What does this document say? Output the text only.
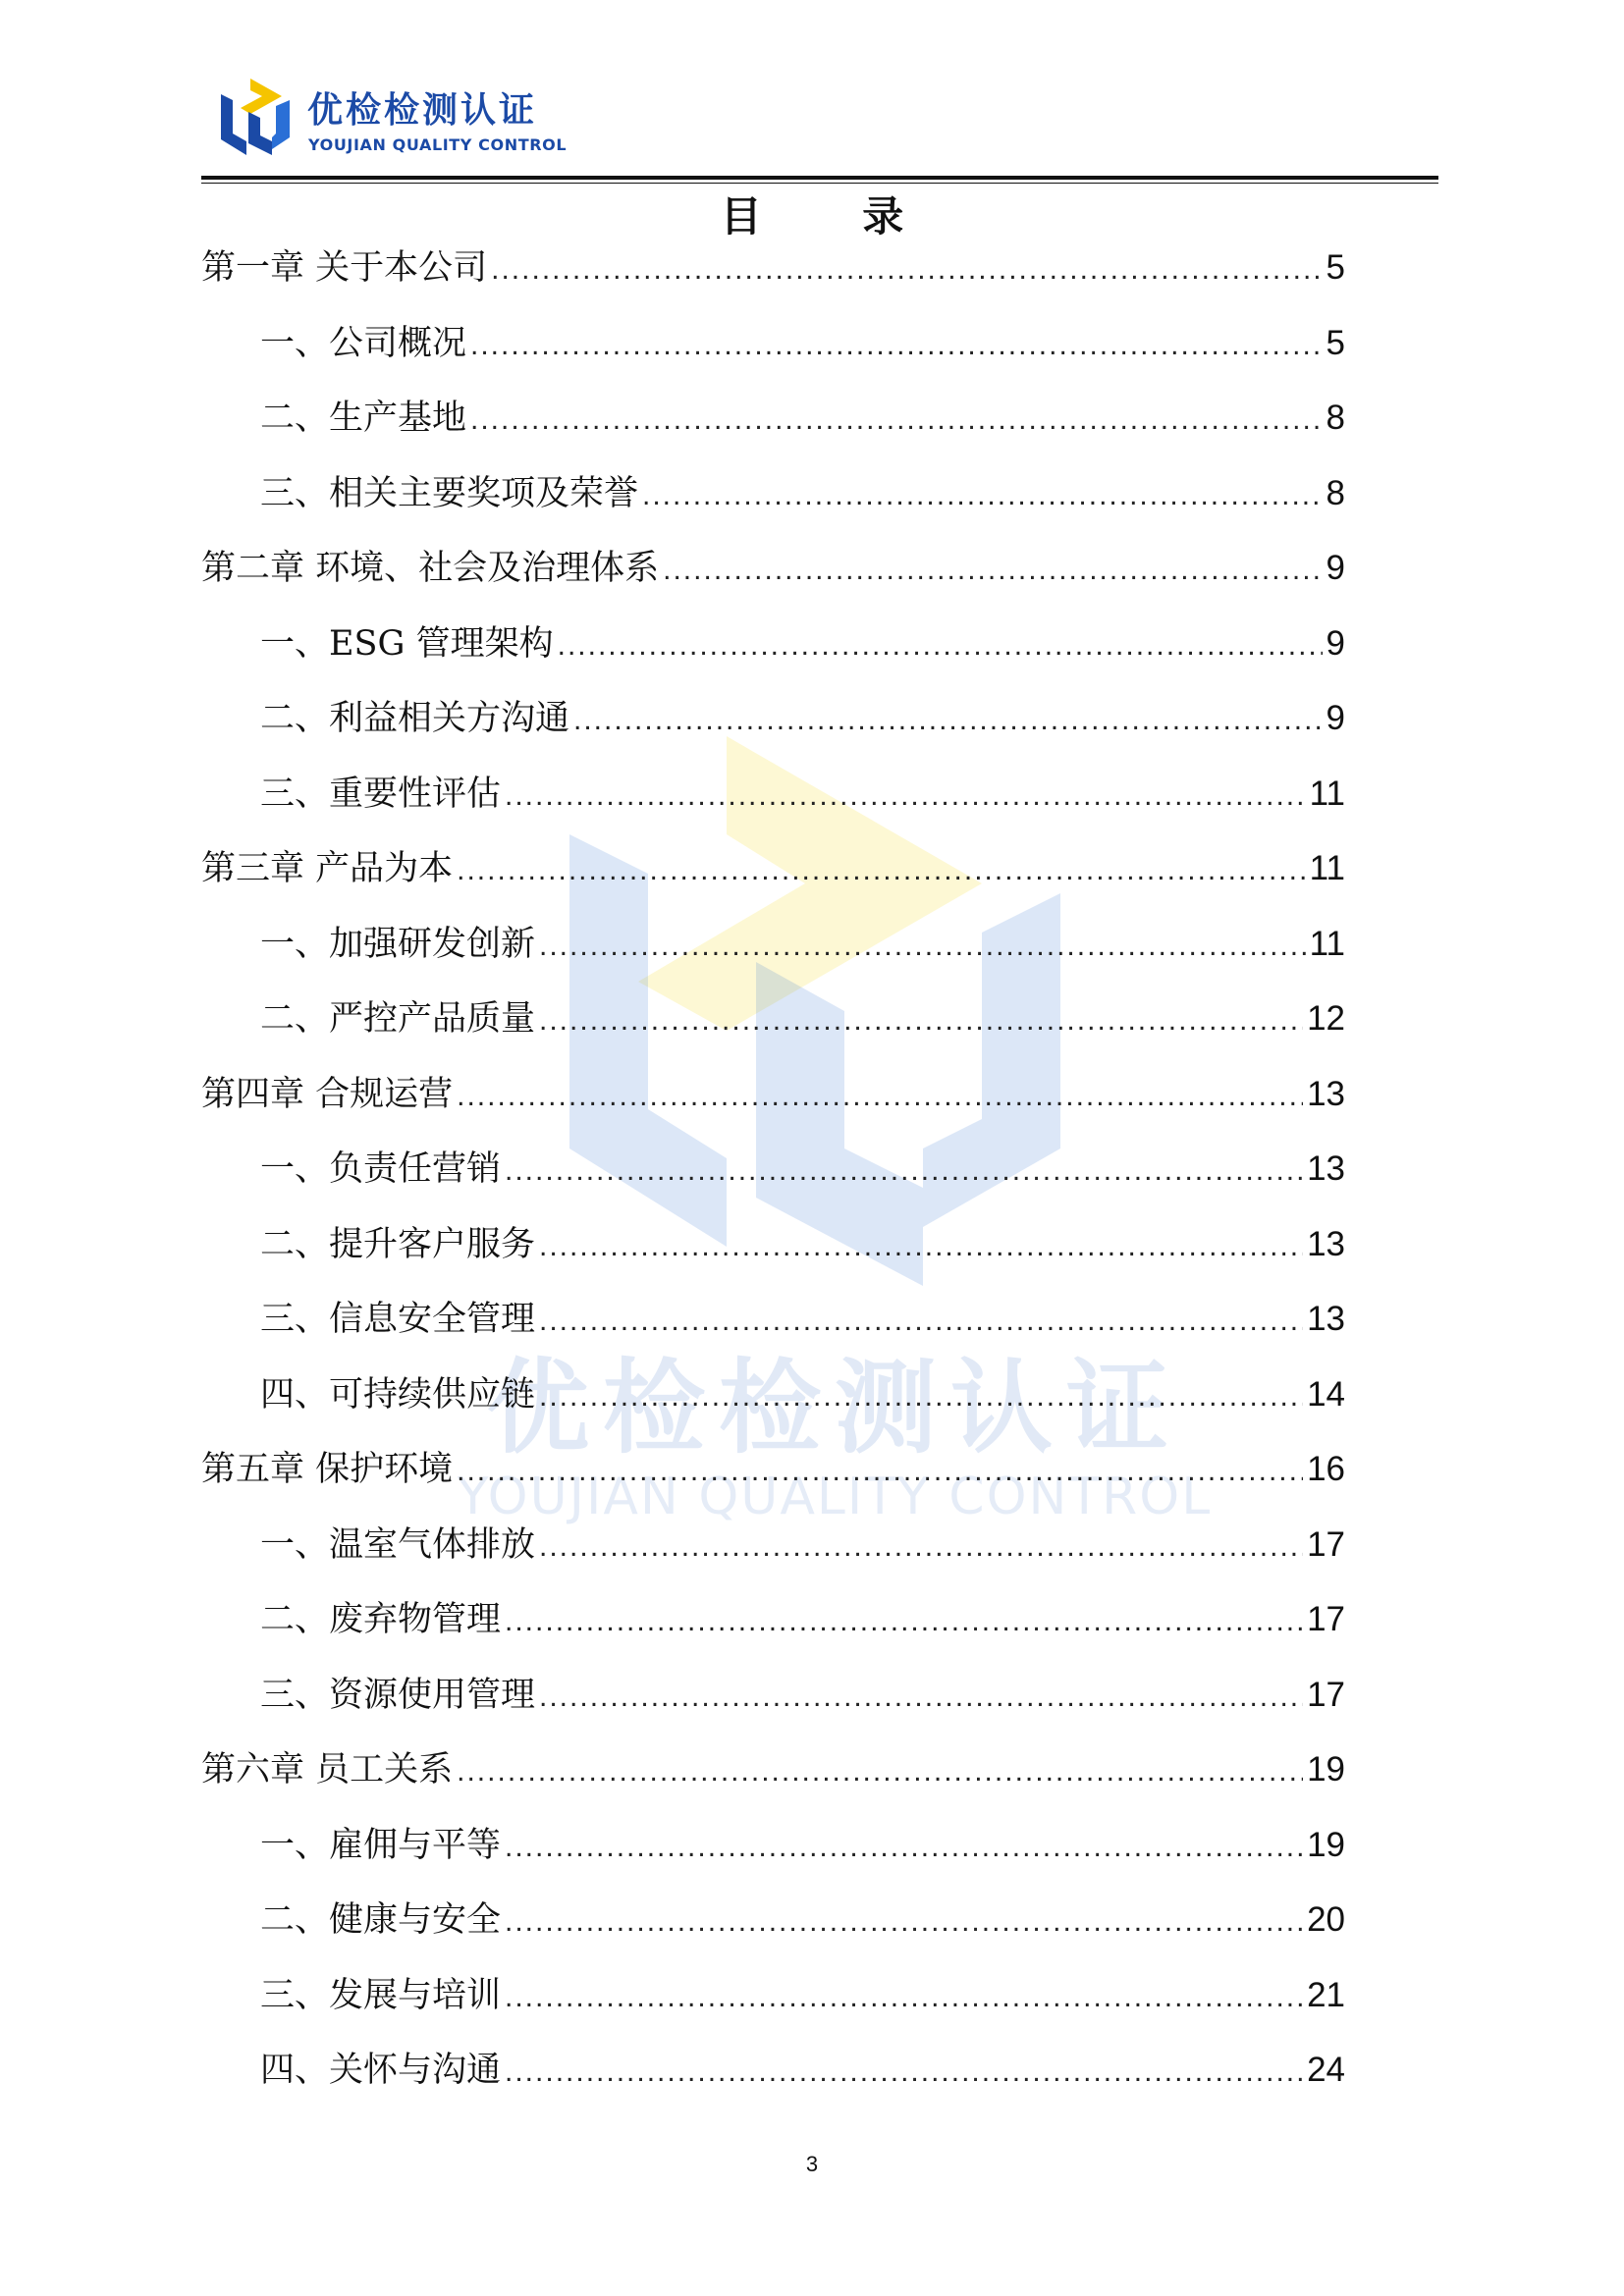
优检检测认证
YOUJIAN QUALITY CONTROL
优检检测认证
YOUJIAN QUALITY CONTROL
目 录
第一章 关于本公司 .....	5
一、公司概况 .....	5
二、生产基地 .....	8
三、相关主要奖项及荣誉 .....	8
第二章 环境、社会及治理体系 .....	9
一、ESG 管理架构 .....	9
二、利益相关方沟通 .....	9
三、重要性评估 .....	11
第三章 产品为本 .....	11
一、加强研发创新 .....	11
二、严控产品质量 .....	12
第四章 合规运营 .....	13
一、负责任营销 .....	13
二、提升客户服务 .....	13
三、信息安全管理 .....	13
四、可持续供应链 .....	14
第五章 保护环境 .....	16
一、温室气体排放 .....	17
二、废弃物管理 .....	17
三、资源使用管理 .....	17
第六章 员工关系 .....	19
一、雇佣与平等 .....	19
二、健康与安全 .....	20
三、发展与培训 .....	21
四、关怀与沟通 .....	24
3
